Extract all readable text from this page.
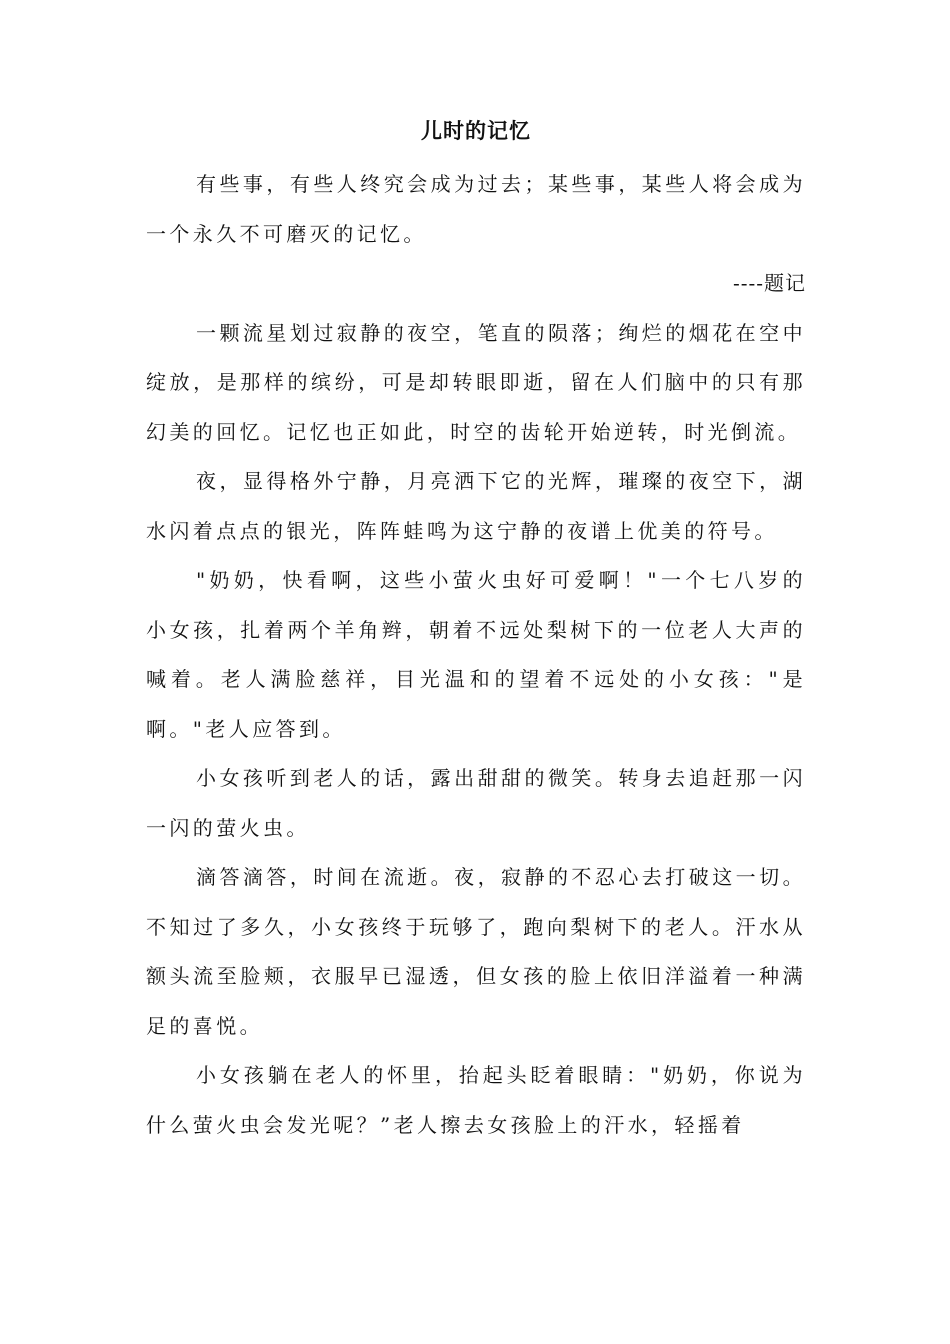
儿时的记忆

有些事，有些人终究会成为过去；某些事，某些人将会成为一个永久不可磨灭的记忆。

----题记

一颗流星划过寂静的夜空，笔直的陨落；绚烂的烟花在空中绽放，是那样的缤纷，可是却转眼即逝，留在人们脑中的只有那幻美的回忆。记忆也正如此，时空的齿轮开始逆转，时光倒流。

夜，显得格外宁静，月亮洒下它的光辉，璀璨的夜空下，湖水闪着点点的银光，阵阵蛙鸣为这宁静的夜谱上优美的符号。

"奶奶，快看啊，这些小萤火虫好可爱啊！"一个七八岁的小女孩，扎着两个羊角辫，朝着不远处梨树下的一位老人大声的喊着。老人满脸慈祥，目光温和的望着不远处的小女孩："是啊。"老人应答到。

小女孩听到老人的话，露出甜甜的微笑。转身去追赶那一闪一闪的萤火虫。

滴答滴答，时间在流逝。夜，寂静的不忍心去打破这一切。不知过了多久，小女孩终于玩够了，跑向梨树下的老人。汗水从额头流至脸颊，衣服早已湿透，但女孩的脸上依旧洋溢着一种满足的喜悦。

小女孩躺在老人的怀里，抬起头眨着眼睛："奶奶，你说为什么萤火虫会发光呢？”老人擦去女孩脸上的汗水，轻摇着
